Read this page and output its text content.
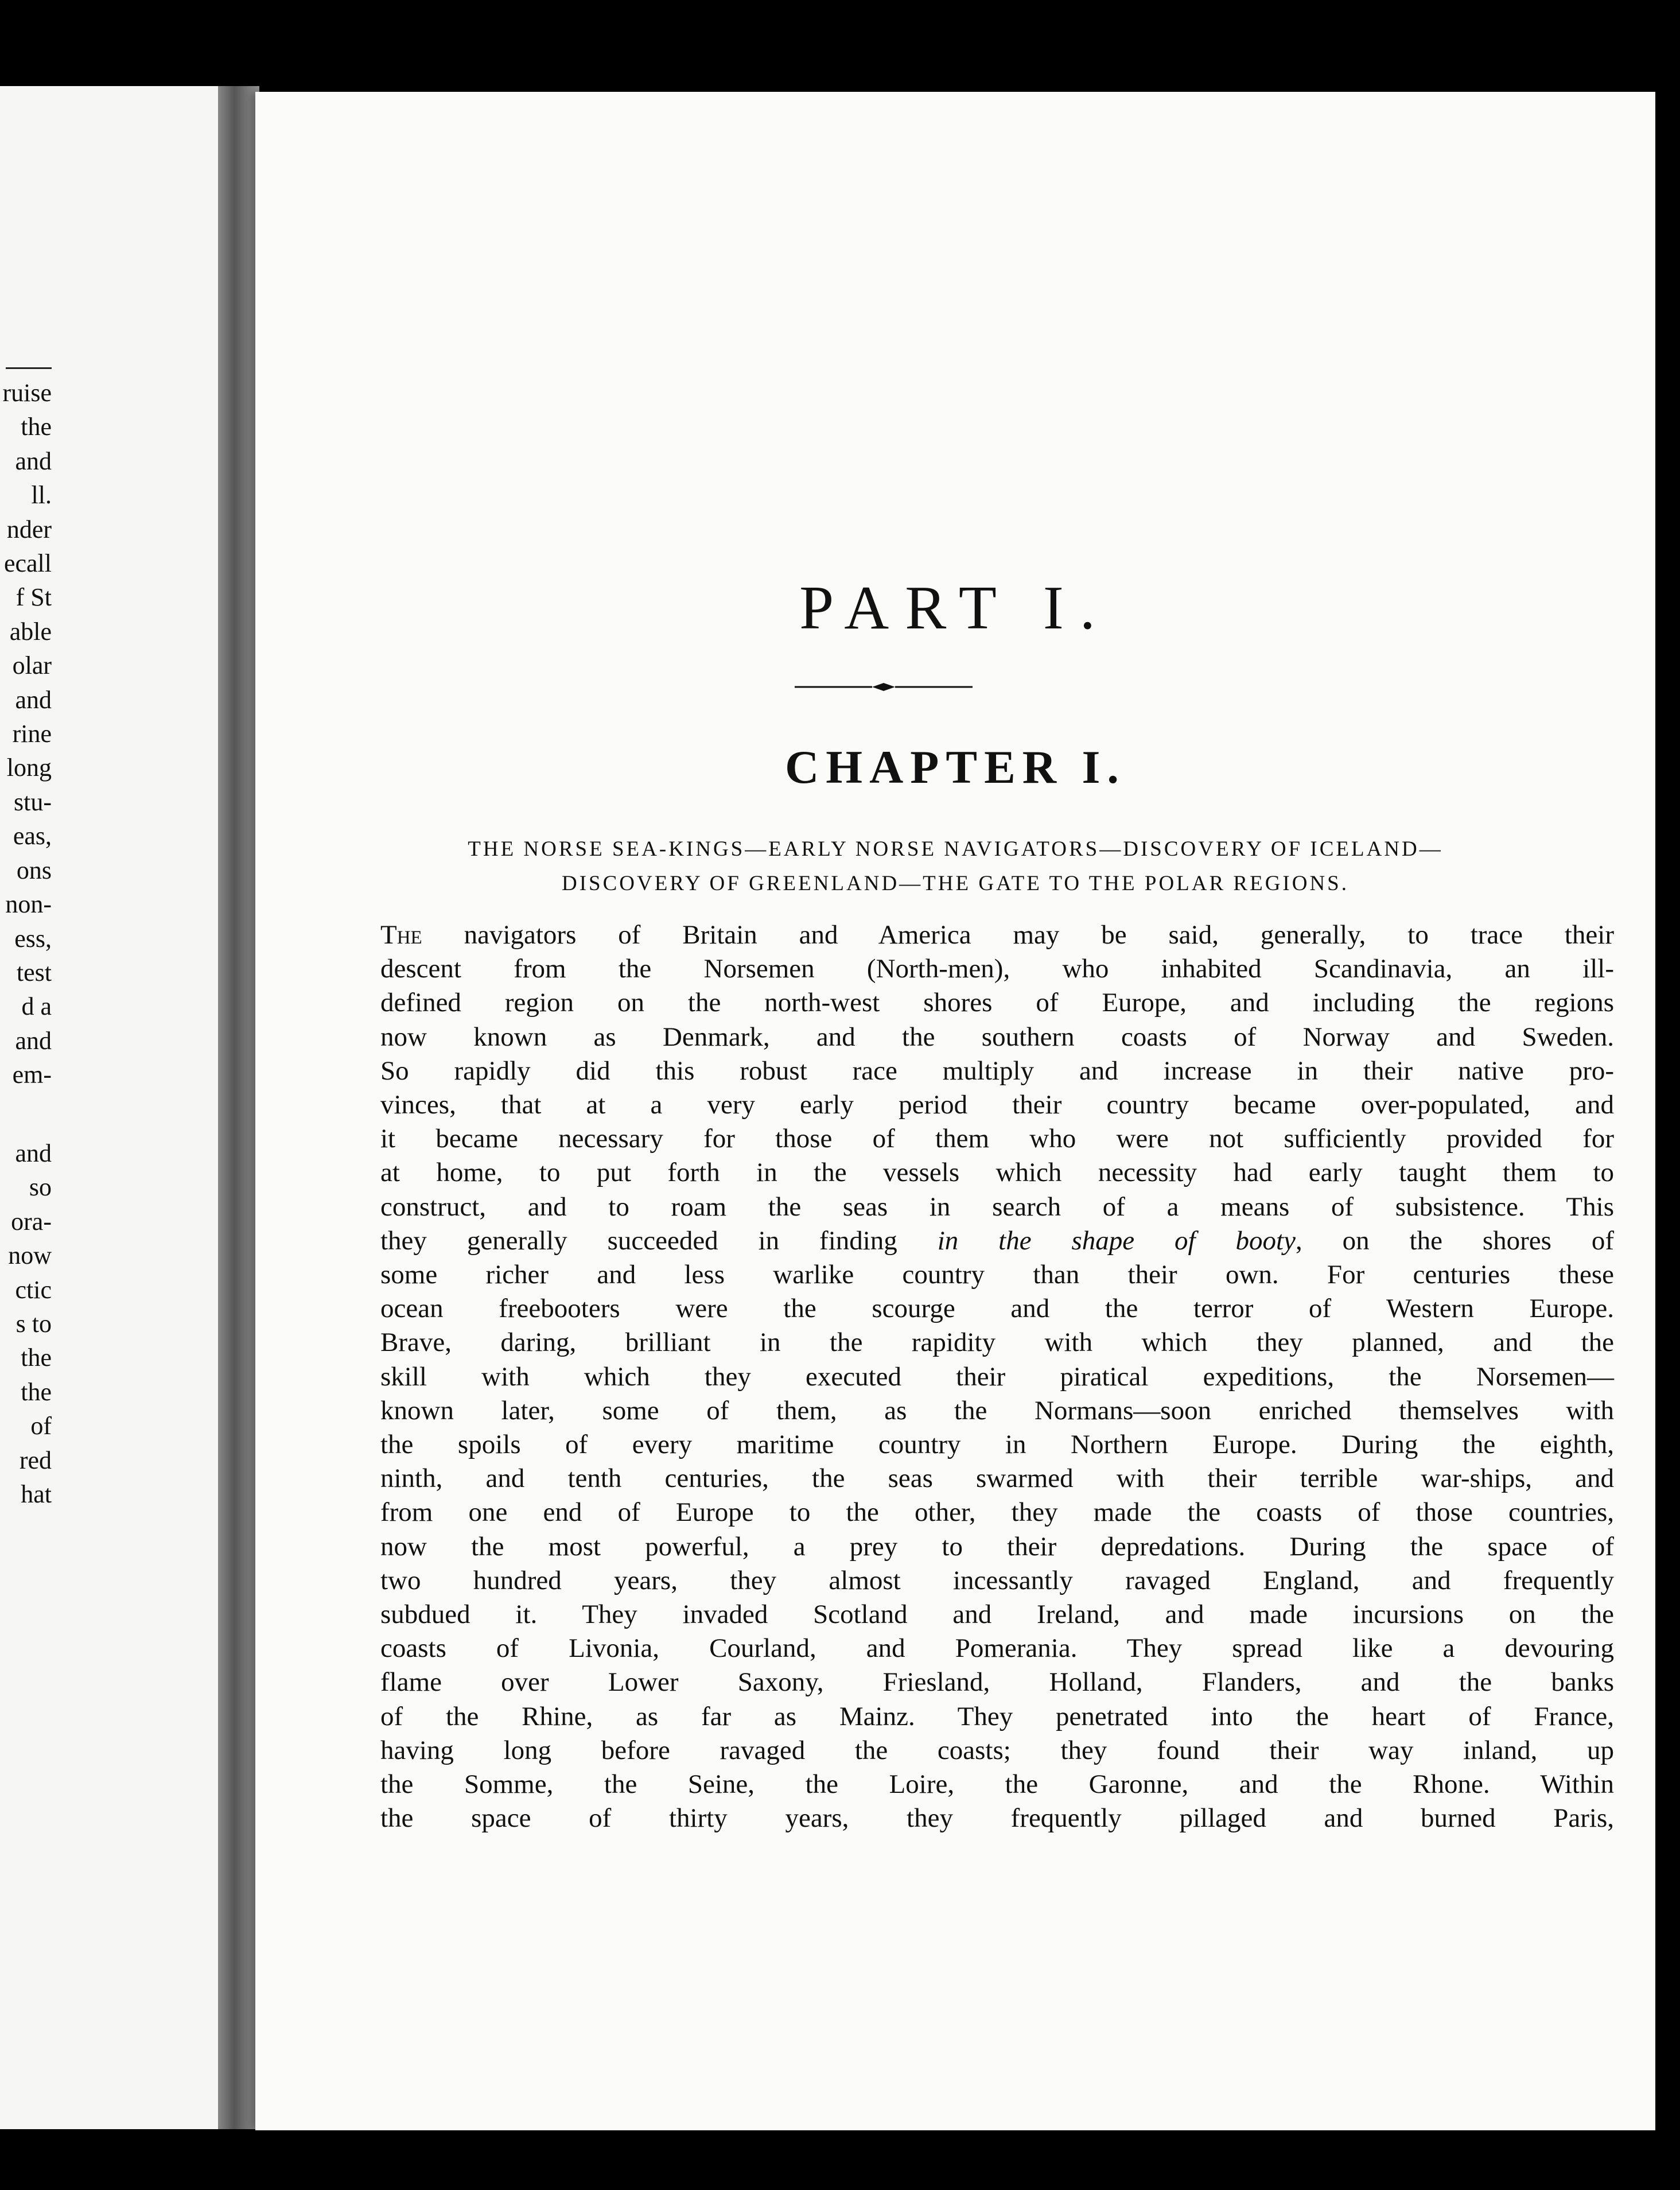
ruise
the
and
ll.
nder
ecall
f St
able
olar
and
rine
long
stu-
eas,
ons
non-
ess,
test
d a
and
em-
and
so
ora-
now
ctic
s to
the
the
of
red
hat
PART I.
CHAPTER I.
THE NORSE SEA-KINGS—EARLY NORSE NAVIGATORS—DISCOVERY OF ICELAND—
DISCOVERY OF GREENLAND—THE GATE TO THE POLAR REGIONS.
The navigators of Britain and America may be said, generally, to trace their
descent from the Norsemen (North-men), who inhabited Scandinavia, an ill-
defined region on the north-west shores of Europe, and including the regions
now known as Denmark, and the southern coasts of Norway and Sweden.
So rapidly did this robust race multiply and increase in their native pro-
vinces, that at a very early period their country became over-populated, and
it became necessary for those of them who were not sufficiently provided for
at home, to put forth in the vessels which necessity had early taught them to
construct, and to roam the seas in search of a means of subsistence. This
they generally succeeded in finding in the shape of booty, on the shores of
some richer and less warlike country than their own. For centuries these
ocean freebooters were the scourge and the terror of Western Europe.
Brave, daring, brilliant in the rapidity with which they planned, and the
skill with which they executed their piratical expeditions, the Norsemen—
known later, some of them, as the Normans—soon enriched themselves with
the spoils of every maritime country in Northern Europe. During the eighth,
ninth, and tenth centuries, the seas swarmed with their terrible war-ships, and
from one end of Europe to the other, they made the coasts of those countries,
now the most powerful, a prey to their depredations. During the space of
two hundred years, they almost incessantly ravaged England, and frequently
subdued it. They invaded Scotland and Ireland, and made incursions on the
coasts of Livonia, Courland, and Pomerania. They spread like a devouring
flame over Lower Saxony, Friesland, Holland, Flanders, and the banks
of the Rhine, as far as Mainz. They penetrated into the heart of France,
having long before ravaged the coasts; they found their way inland, up
the Somme, the Seine, the Loire, the Garonne, and the Rhone. Within
the space of thirty years, they frequently pillaged and burned Paris,
